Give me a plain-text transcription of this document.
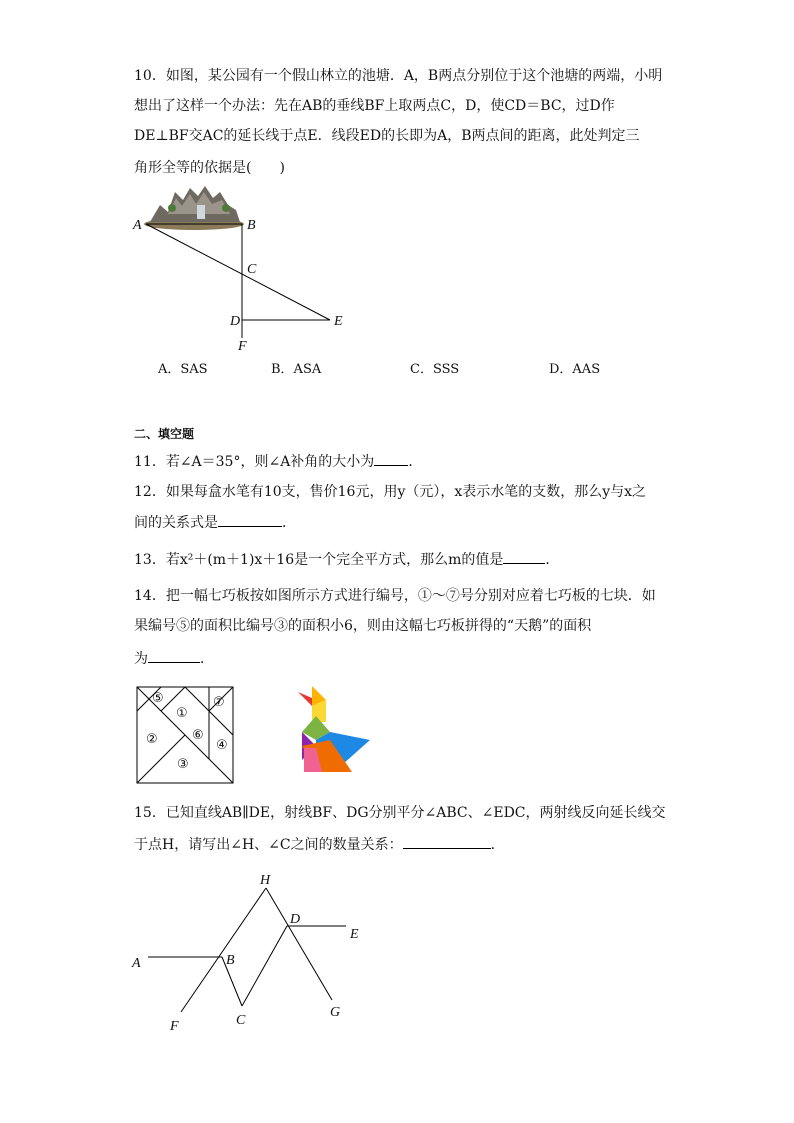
10．如图，某公园有一个假山林立的池塘．A，B两点分别位于这个池塘的两端，小明
想出了这样一个办法：先在AB的垂线BF上取两点C，D，使CD＝BC，过D作
DE⊥BF交AC的延长线于点E．线段ED的长即为A，B两点间的距离，此处判定三
角形全等的依据是(　　)
A	B
C
D	E
F
A．SAS	B．ASA	C．SSS	D．AAS
二、填空题
11．若∠A＝35°，则∠A补角的大小为 ．
12．如果每盒水笔有10支，售价16元，用y（元），x表示水笔的支数，那么y与x之
间的关系式是	．
13．若x²＋(m＋1)x＋16是一个完全平方式，那么m的值是	．
14．把一幅七巧板按如图所示方式进行编号，①～⑦号分别对应着七巧板的七块．如
果编号⑤的面积比编号③的面积小6，则由这幅七巧板拼得的“天鹅”的面积
为	．
⑤
①
⑦
②	⑥
④
③
15．已知直线AB∥DE，射线BF、DG分别平分∠ABC、∠EDC，两射线反向延长线交
于点H，请写出∠H、∠C之间的数量关系：	．
H
D
E
A	B
F	C
G
